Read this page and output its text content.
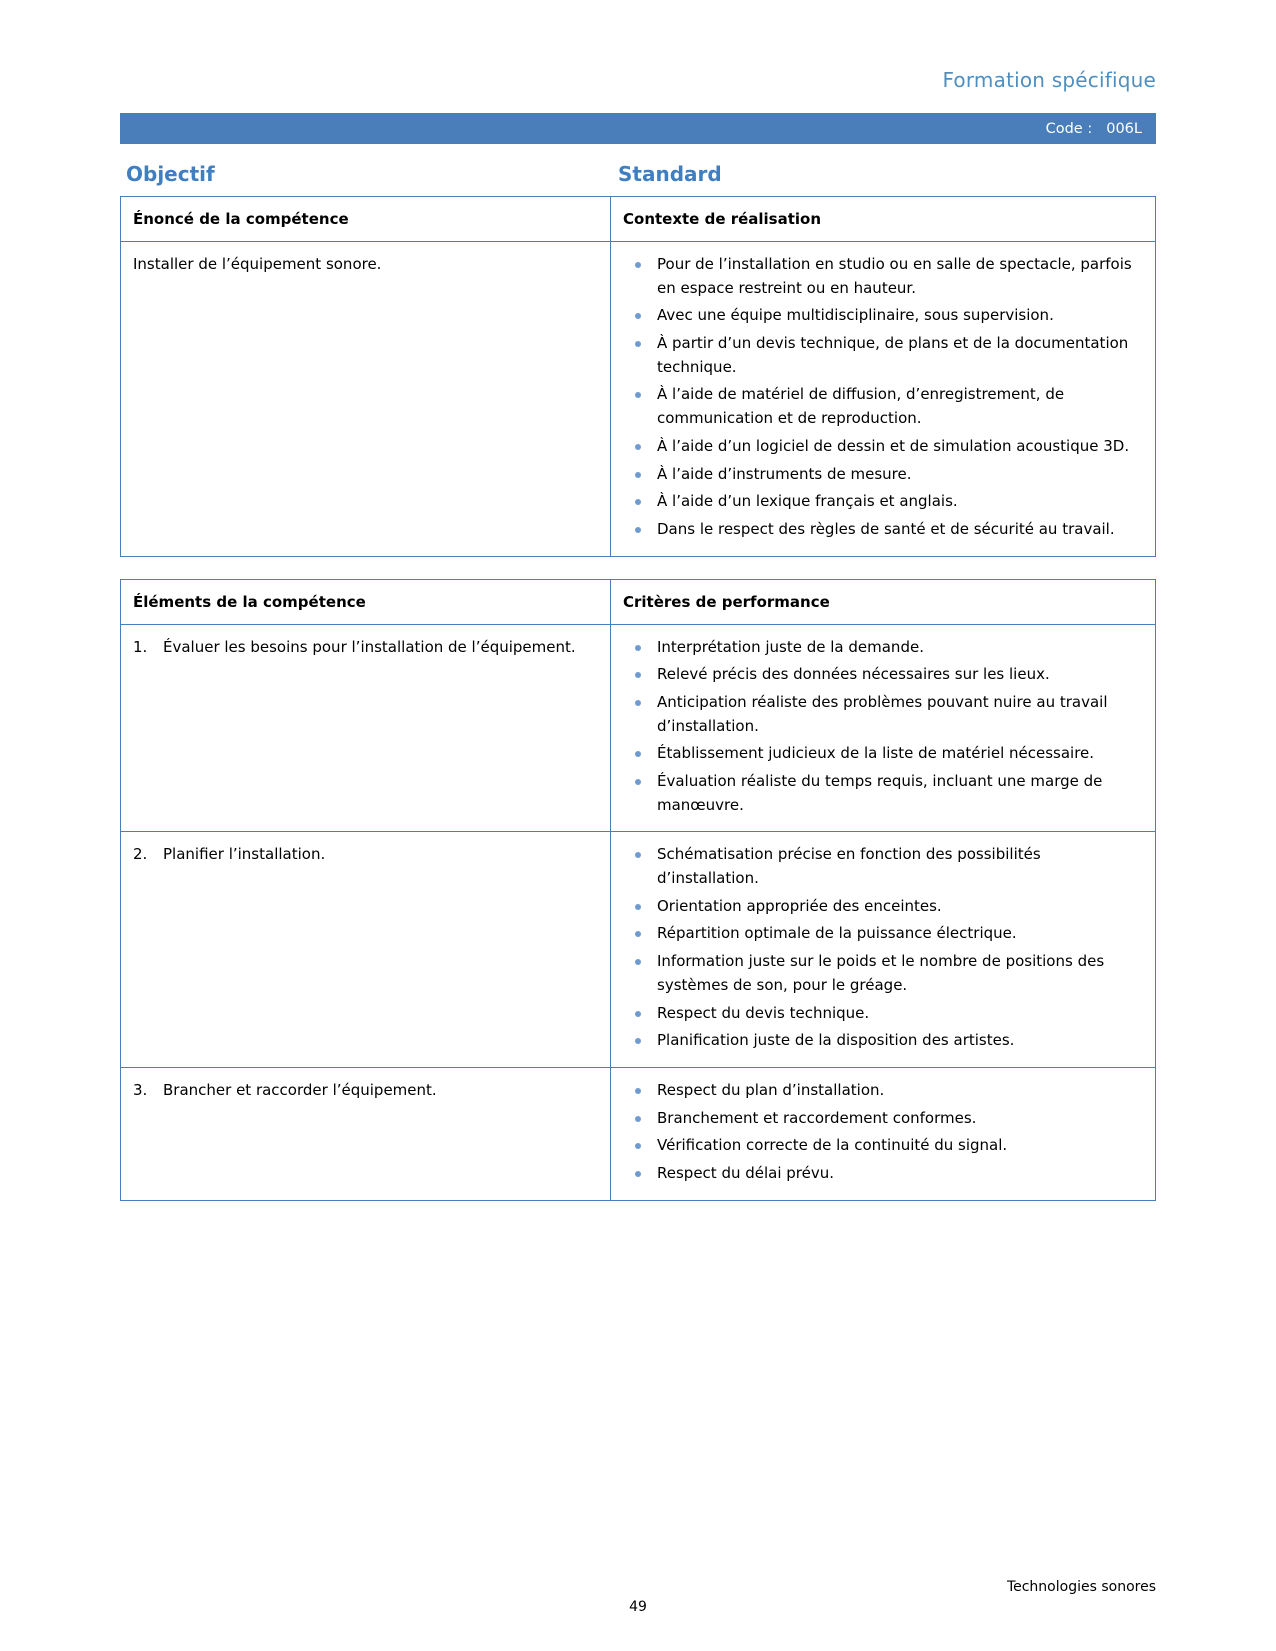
Formation spécifique
Code : 006L
Objectif	Standard
Énoncé de la compétence	Contexte de réalisation

Installer de l’équipement sonore.	Pour de l’installation en studio ou en salle de spectacle, parfois en espace restreint ou en hauteur.
Avec une équipe multidisciplinaire, sous supervision.
À partir d’un devis technique, de plans et de la documentation technique.
À l’aide de matériel de diffusion, d’enregistrement, de communication et de reproduction.
À l’aide d’un logiciel de dessin et de simulation acoustique 3D.
À l’aide d’instruments de mesure.
À l’aide d’un lexique français et anglais.
Dans le respect des règles de santé et de sécurité au travail.
Éléments de la compétence	Critères de performance

1. Évaluer les besoins pour l’installation de l’équipement.	Interprétation juste de la demande.
Relevé précis des données nécessaires sur les lieux.
Anticipation réaliste des problèmes pouvant nuire au travail d’installation.
Établissement judicieux de la liste de matériel nécessaire.
Évaluation réaliste du temps requis, incluant une marge de manœuvre.

2. Planifier l’installation.	Schématisation précise en fonction des possibilités d’installation.
Orientation appropriée des enceintes.
Répartition optimale de la puissance électrique.
Information juste sur le poids et le nombre de positions des systèmes de son, pour le gréage.
Respect du devis technique.
Planification juste de la disposition des artistes.

3. Brancher et raccorder l’équipement.	Respect du plan d’installation.
Branchement et raccordement conformes.
Vérification correcte de la continuité du signal.
Respect du délai prévu.
Technologies sonores
49
